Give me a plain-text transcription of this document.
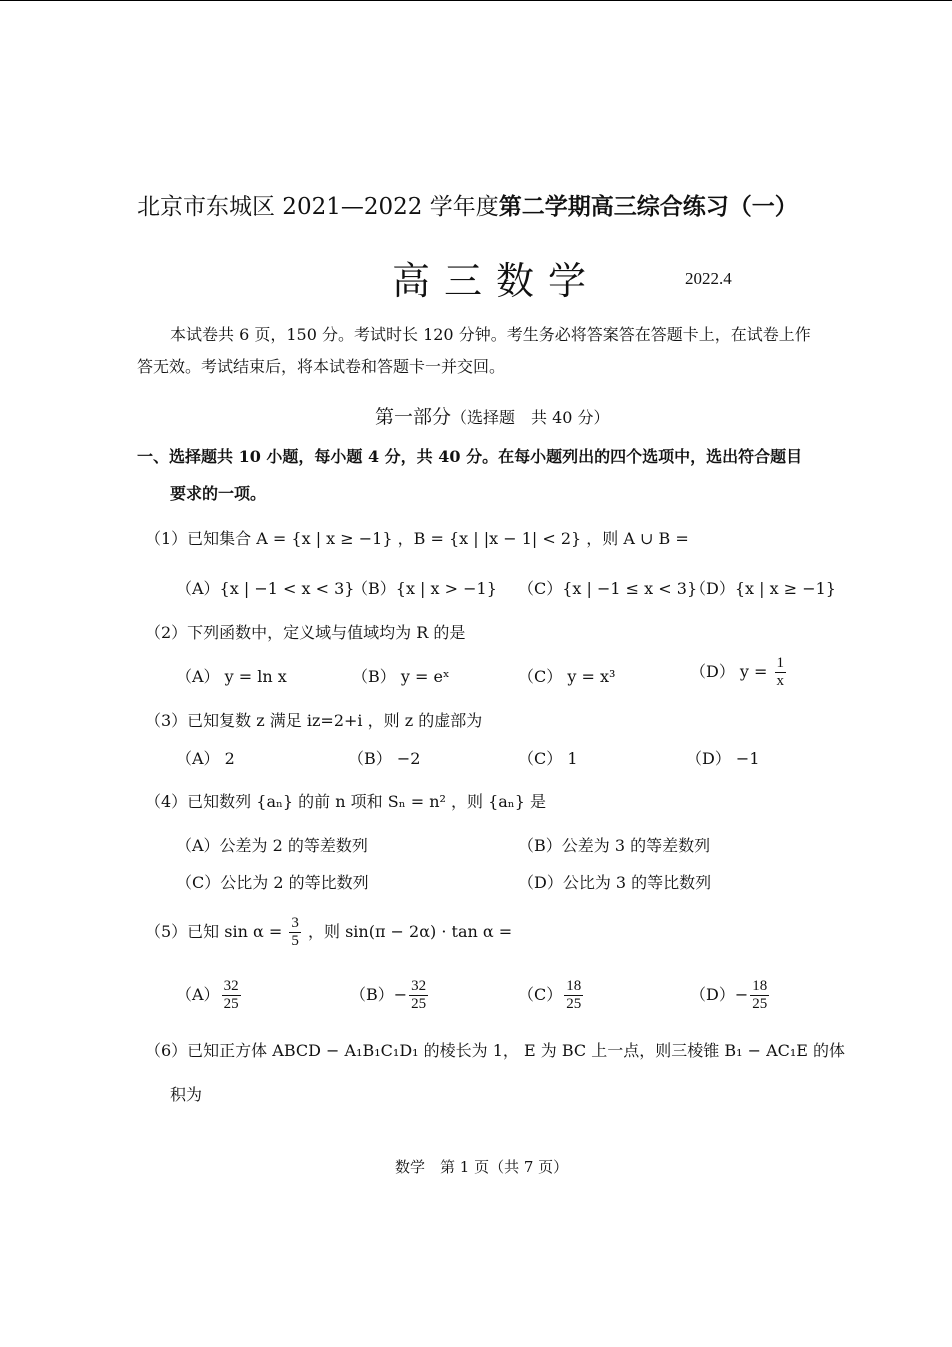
北京市东城区 2021—2022 学年度第二学期高三综合练习（一）
高三数学	2022.4
本试卷共 6 页，150 分。考试时长 120 分钟。考生务必将答案答在答题卡上，在试卷上作
答无效。考试结束后，将本试卷和答题卡一并交回。
第一部分（选择题　共 40 分）
一、选择题共 10 小题，每小题 4 分，共 40 分。在每小题列出的四个选项中，选出符合题目
要求的一项。
（1）已知集合 A = {x | x ≥ −1} ，B = {x | |x − 1| < 2} ，则 A ∪ B =
（A）{x | −1 < x < 3}
（B）{x | x > −1} （C）{x | −1 ≤ x < 3}
（D）{x | x ≥ −1}
（2）下列函数中，定义域与值域均为 R 的是
（A） y = ln x	（B） y = eˣ	（C） y = x³	（D） $y = \frac{1}{x}$
（3）已知复数 z 满足 iz=2+i ，则 z 的虚部为
（A） 2	（B） −2	（C） 1	（D） −1
（4）已知数列 {aₙ} 的前 n 项和 Sₙ = n² ，则 {aₙ} 是
（A）公差为 2 的等差数列	（B）公差为 3 的等差数列
（C）公比为 2 的等比数列	（D）公比为 3 的等比数列
（5）已知 $\sin \alpha = \frac{3}{5}$ ，则 sin(π − 2α) · tan α =
$(A) \frac{32}{25}$	$(B)- \frac{32}{25}$	$(C) \frac{18}{25}$	$(D)- \frac{18}{25}$
（6）已知正方体 ABCD − A₁B₁C₁D₁ 的棱长为 1， E 为 BC 上一点，则三棱锥 B₁ − AC₁E 的体
积为
数学　第 1 页（共 7 页）
